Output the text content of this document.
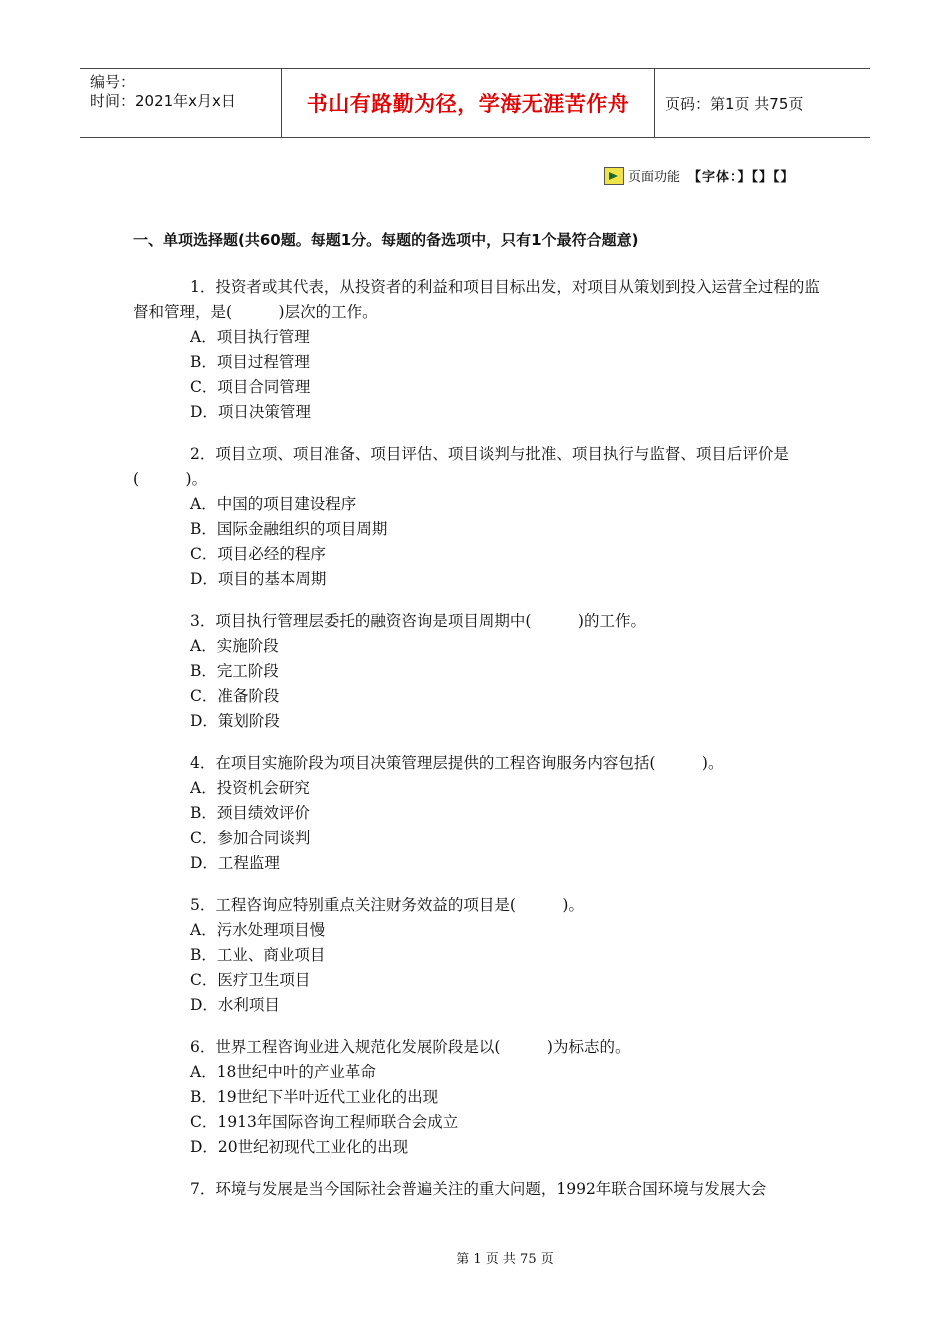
编号：
时间：2021年x月x日	书山有路勤为径，学海无涯苦作舟 页码：第1页 共75页
页面功能 【字体：】【】【】
一、单项选择题(共60题。每题1分。每题的备选项中，只有1个最符合题意)
1．投资者或其代表，从投资者的利益和项目目标出发，对项目从策划到投入运营全过程的监督和管理，是(　　　)层次的工作。
A．项目执行管理
B．项目过程管理
C．项目合同管理
D．项日决策管理
2．项目立项、项目准备、项目评估、项目谈判与批准、项目执行与监督、项目后评价是(　　　)。
A．中国的项目建设程序
B．国际金融组织的项目周期
C．项目必经的程序
D．项目的基本周期
3．项目执行管理层委托的融资咨询是项目周期中(　　　)的工作。
A．实施阶段
B．完工阶段
C．准备阶段
D．策划阶段
4．在项目实施阶段为项目决策管理层提供的工程咨询服务内容包括(　　　)。
A．投资机会研究
B．颈目绩效评价
C．参加合同谈判
D．工程监理
5．工程咨询应特别重点关注财务效益的项目是(　　　)。
A．污水处理项目慢
B．工业、商业项目
C．医疗卫生项目
D．水利项目
6．世界工程咨询业进入规范化发展阶段是以(　　　)为标志的。
A．18世纪中叶的产业革命
B．19世纪下半叶近代工业化的出现
C．1913年国际咨询工程师联合会成立
D．20世纪初现代工业化的出现
7．环境与发展是当今国际社会普遍关注的重大问题，1992年联合国环境与发展大会
第 1 页 共 75 页
